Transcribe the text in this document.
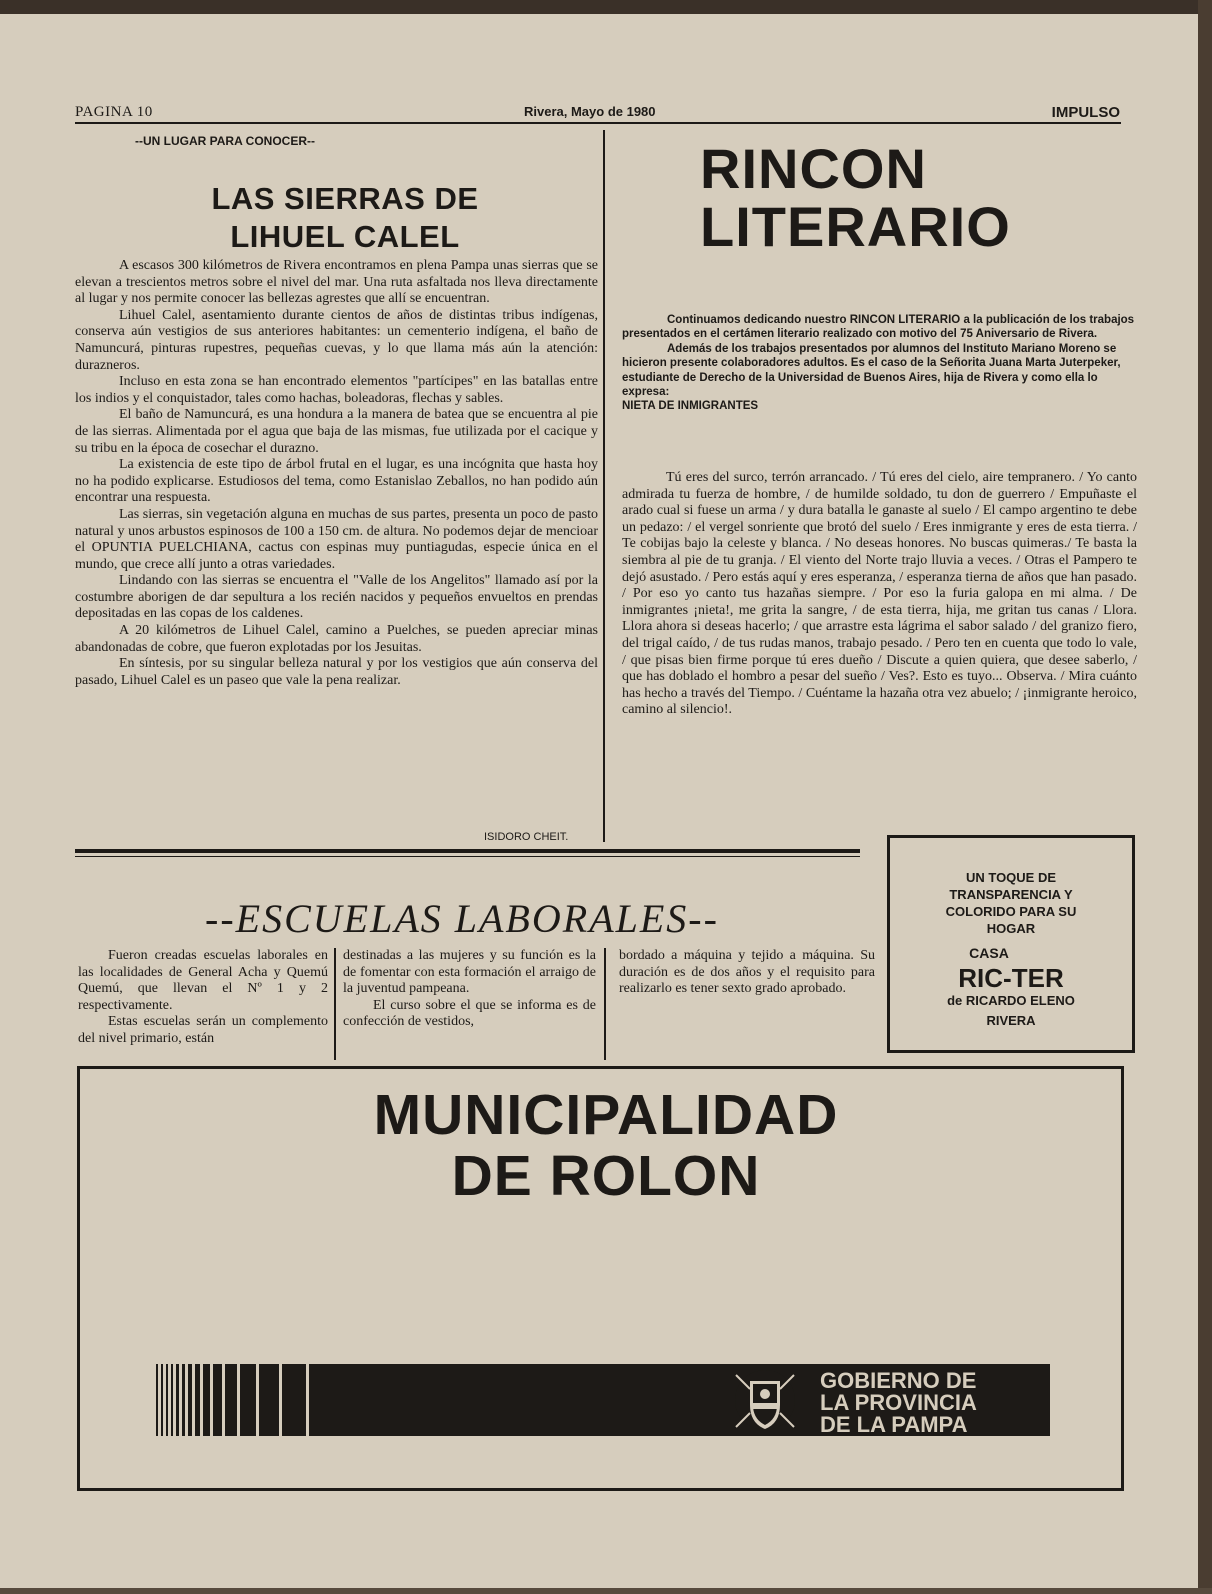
PAGINA 10	Rivera, Mayo de 1980	IMPULSO
--UN LUGAR PARA CONOCER--
LAS SIERRAS DE
LIHUEL CALEL

A escasos 300 kilómetros de Rivera encontramos en plena Pampa unas sierras que se elevan a trescientos metros sobre el nivel del mar. Una ruta asfaltada nos lleva directamente al lugar y nos permite conocer las bellezas agrestes que allí se encuentran.

Lihuel Calel, asentamiento durante cientos de años de distintas tribus indígenas, conserva aún vestigios de sus anteriores habitantes: un cementerio indígena, el baño de Namuncurá, pinturas rupestres, pequeñas cuevas, y lo que llama más aún la atención: durazneros.

Incluso en esta zona se han encontrado elementos "partícipes" en las batallas entre los indios y el conquistador, tales como hachas, boleadoras, flechas y sables.

El baño de Namuncurá, es una hondura a la manera de batea que se encuentra al pie de las sierras. Alimentada por el agua que baja de las mismas, fue utilizada por el cacique y su tribu en la época de cosechar el durazno.

La existencia de este tipo de árbol frutal en el lugar, es una incógnita que hasta hoy no ha podido explicarse. Estudiosos del tema, como Estanislao Zeballos, no han podido aún encontrar una respuesta.

Las sierras, sin vegetación alguna en muchas de sus partes, presenta un poco de pasto natural y unos arbustos espinosos de 100 a 150 cm. de altura. No podemos dejar de mencioar el OPUNTIA PUELCHIANA, cactus con espinas muy puntiagudas, especie única en el mundo, que crece allí junto a otras variedades.

Lindando con las sierras se encuentra el "Valle de los Angelitos" llamado así por la costumbre aborigen de dar sepultura a los recién nacidos y pequeños envueltos en prendas depositadas en las copas de los caldenes.

A 20 kilómetros de Lihuel Calel, camino a Puelches, se pueden apreciar minas abandonadas de cobre, que fueron explotadas por los Jesuitas.

En síntesis, por su singular belleza natural y por los vestigios que aún conserva del pasado, Lihuel Calel es un paseo que vale la pena realizar.

ISIDORO CHEIT.
RINCON
LITERARIO

Continuamos dedicando nuestro RINCON LITERARIO a la publicación de los trabajos presentados en el certámen literario realizado con motivo del 75 Aniversario de Rivera.

Además de los trabajos presentados por alumnos del Instituto Mariano Moreno se hicieron presente colaboradores adultos. Es el caso de la Señorita Juana Marta Juterpeker, estudiante de Derecho de la Universidad de Buenos Aires, hija de Rivera y como ella lo expresa:

NIETA DE INMIGRANTES

Tú eres del surco, terrón arrancado. / Tú eres del cielo, aire tempranero. / Yo canto admirada tu fuerza de hombre, / de humilde soldado, tu don de guerrero / Empuñaste el arado cual si fuese un arma / y dura batalla le ganaste al suelo / El campo argentino te debe un pedazo: / el vergel sonriente que brotó del suelo / Eres inmigrante y eres de esta tierra. / Te cobijas bajo la celeste y blanca. / No deseas honores. No buscas quimeras./ Te basta la siembra al pie de tu granja. / El viento del Norte trajo lluvia a veces. / Otras el Pampero te dejó asustado. / Pero estás aquí y eres esperanza, / esperanza tierna de años que han pasado. / Por eso yo canto tus hazañas siempre. / Por eso la furia galopa en mi alma. / De inmigrantes ¡nieta!, me grita la sangre, / de esta tierra, hija, me gritan tus canas / Llora. Llora ahora si deseas hacerlo; / que arrastre esta lágrima el sabor salado / del granizo fiero, del trigal caído, / de tus rudas manos, trabajo pesado. / Pero ten en cuenta que todo lo vale, / que pisas bien firme porque tú eres dueño / Discute a quien quiera, que desee saberlo, / que has doblado el hombro a pesar del sueño / Ves?. Esto es tuyo... Observa. / Mira cuánto has hecho a través del Tiempo. / Cuéntame la hazaña otra vez abuelo; / ¡inmigrante heroico, camino al silencio!.

UN TOQUE DE
TRANSPARENCIA Y
COLORIDO PARA SU
HOGAR
CASA
RIC-TER
de RICARDO ELENO
RIVERA
--ESCUELAS LABORALES--

Fueron creadas escuelas laborales en las localidades de General Acha y Quemú Quemú, que llevan el Nº 1 y 2 respectivamente.

Estas escuelas serán un complemento del nivel primario, están

destinadas a las mujeres y su función es la de fomentar con esta formación el arraigo de la juventud pampeana.

El curso sobre el que se informa es de confección de vestidos,

bordado a máquina y tejido a máquina. Su duración es de dos años y el requisito para realizarlo es tener sexto grado aprobado.

MUNICIPALIDAD
DE ROLON
GOBIERNO DE
LA PROVINCIA
DE LA PAMPA
